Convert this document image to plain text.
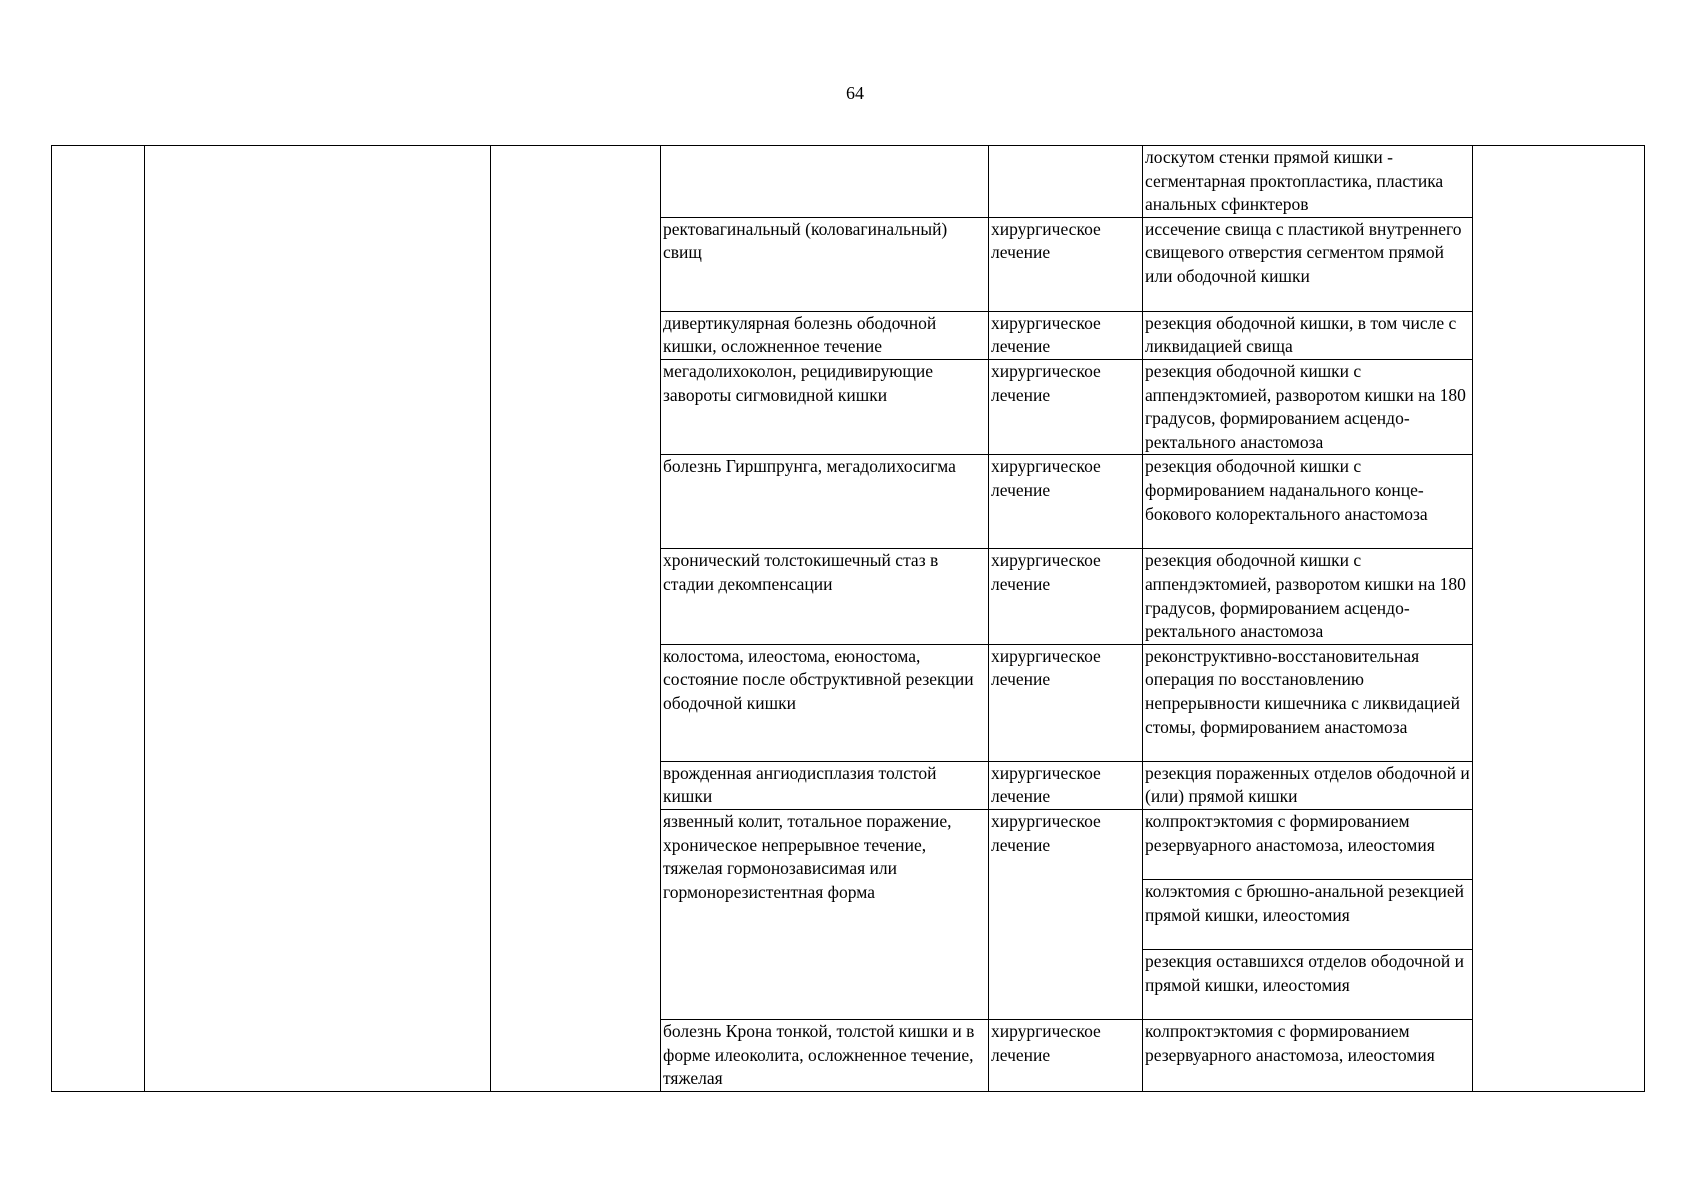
64

					лоскутом стенки прямой кишки - сегментарная проктопластика, пластика анальных сфинктеров	

			ректовагинальный (коловагинальный) свищ	хирургическое лечение	иссечение свища с пластикой внутреннего свищевого отверстия сегментом прямой или ободочной кишки	

			дивертикулярная болезнь ободочной кишки, осложненное течение	хирургическое лечение	резекция ободочной кишки, в том числе с ликвидацией свища	

			мегадолихоколон, рецидивирующие завороты сигмовидной кишки	хирургическое лечение	резекция ободочной кишки с аппендэктомией, разворотом кишки на 180 градусов, формированием асцендо-ректального анастомоза	

			болезнь Гиршпрунга, мегадолихосигма	хирургическое лечение	резекция ободочной кишки с формированием наданального конце-бокового колоректального анастомоза	

			хронический толстокишечный стаз в стадии декомпенсации	хирургическое лечение	резекция ободочной кишки с аппендэктомией, разворотом кишки на 180 градусов, формированием асцендо-ректального анастомоза	

			колостома, илеостома, еюностома, состояние после обструктивной резекции ободочной кишки	хирургическое лечение	реконструктивно-восстановительная операция по восстановлению непрерывности кишечника с ликвидацией стомы, формированием анастомоза	

			врожденная ангиодисплазия толстой кишки	хирургическое лечение	резекция пораженных отделов ободочной и (или) прямой кишки	

			язвенный колит, тотальное поражение, хроническое непрерывное течение, тяжелая гормонозависимая или гормонорезистентная форма	хирургическое лечение	колпроктэктомия с формированием резервуарного анастомоза, илеостомия	

					колэктомия с брюшно-анальной резекцией прямой кишки, илеостомия	

					резекция оставшихся отделов ободочной и прямой кишки, илеостомия	

			болезнь Крона тонкой, толстой кишки и в форме илеоколита, осложненное течение, тяжелая	хирургическое лечение	колпроктэктомия с формированием резервуарного анастомоза, илеостомия	
